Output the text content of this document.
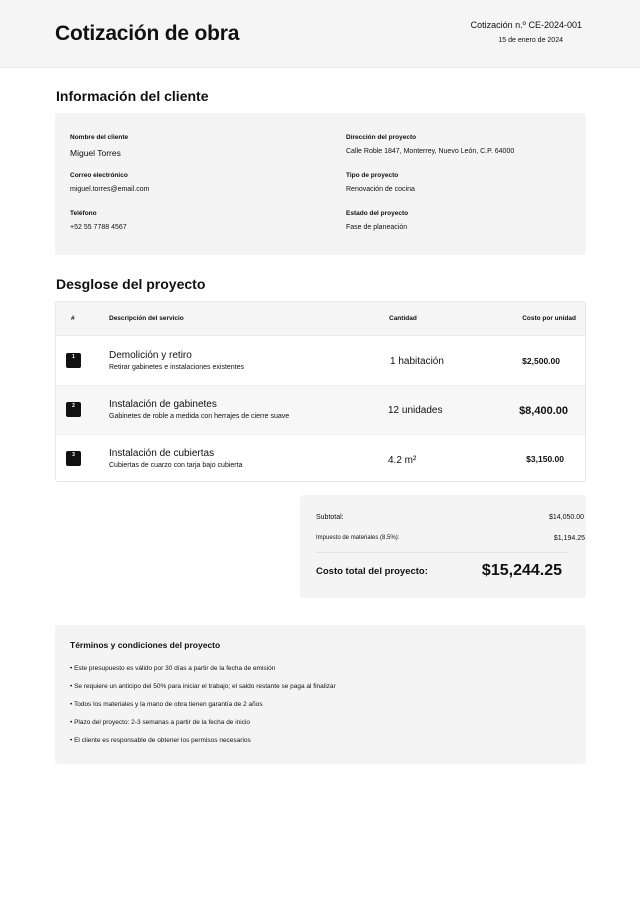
Cotización de obra	Cotización n.º CE-2024-001
15 de enero de 2024
Información del cliente
Nombre del cliente
Miguel Torres
Correo electrónico
miguel.torres@email.com
Teléfono
+52 55 7788 4567
Dirección del proyecto
Calle Roble 1847, Monterrey, Nuevo León, C.P. 64000
Tipo de proyecto
Renovación de cocina
Estado del proyecto
Fase de planeación
Desglose del proyecto
#	Descripción del servicio	Cantidad	Costo por unidad
1	Demolición y retiro
Retirar gabinetes e instalaciones existentes
1 habitación	$2,500.00
2	Instalación de gabinetes
Gabinetes de roble a medida con herrajes de cierre suave
12 unidades	$8,400.00
3	Instalación de cubiertas
Cubiertas de cuarzo con tarja bajo cubierta	4.2 m²	$3,150.00
Subtotal:	$14,050.00
Impuesto de materiales (8.5%):	$1,194.25
Costo total del proyecto:	$15,244.25
Términos y condiciones del proyecto
• Este presupuesto es válido por 30 días a partir de la fecha de emisión
• Se requiere un anticipo del 50% para iniciar el trabajo; el saldo restante se paga al finalizar
• Todos los materiales y la mano de obra tienen garantía de 2 años
• Plazo del proyecto: 2-3 semanas a partir de la fecha de inicio
• El cliente es responsable de obtener los permisos necesarios
